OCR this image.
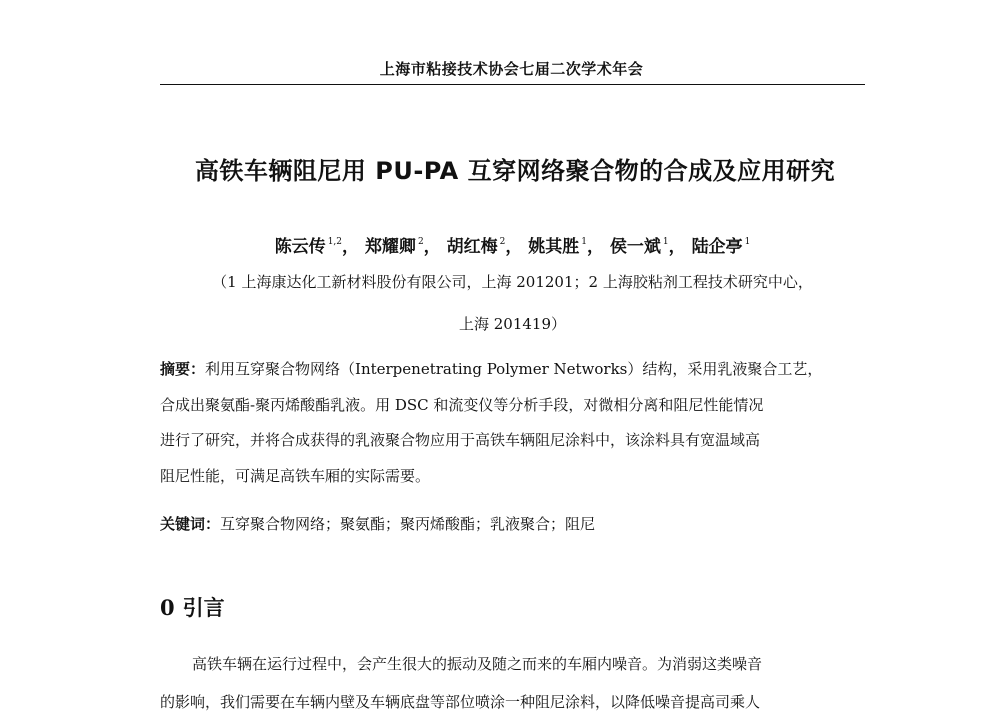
上海市粘接技术协会七届二次学术年会
高铁车辆阻尼用 PU-PA 互穿网络聚合物的合成及应用研究
陈云传 $^{1,2}$， 郑耀卿 $^2$， 胡红梅 $^2$， 姚其胜 $^1$， 侯一斌 $^1$， 陆企亭 $^1$
（1 上海康达化工新材料股份有限公司，上海 201201；2 上海胶粘剂工程技术研究中心，
上海 201419）
摘要：利用互穿聚合物网络（Interpenetrating Polymer Networks）结构，采用乳液聚合工艺，
合成出聚氨酯-聚丙烯酸酯乳液。用 DSC 和流变仪等分析手段，对微相分离和阻尼性能情况
进行了研究，并将合成获得的乳液聚合物应用于高铁车辆阻尼涂料中，该涂料具有宽温域高
阻尼性能，可满足高铁车厢的实际需要。
关键词：互穿聚合物网络；聚氨酯；聚丙烯酸酯；乳液聚合；阻尼
0 引言
高铁车辆在运行过程中，会产生很大的振动及随之而来的车厢内噪音。为消弱这类噪音
的影响，我们需要在车辆内壁及车辆底盘等部位喷涂一种阻尼涂料，以降低噪音提高司乘人
